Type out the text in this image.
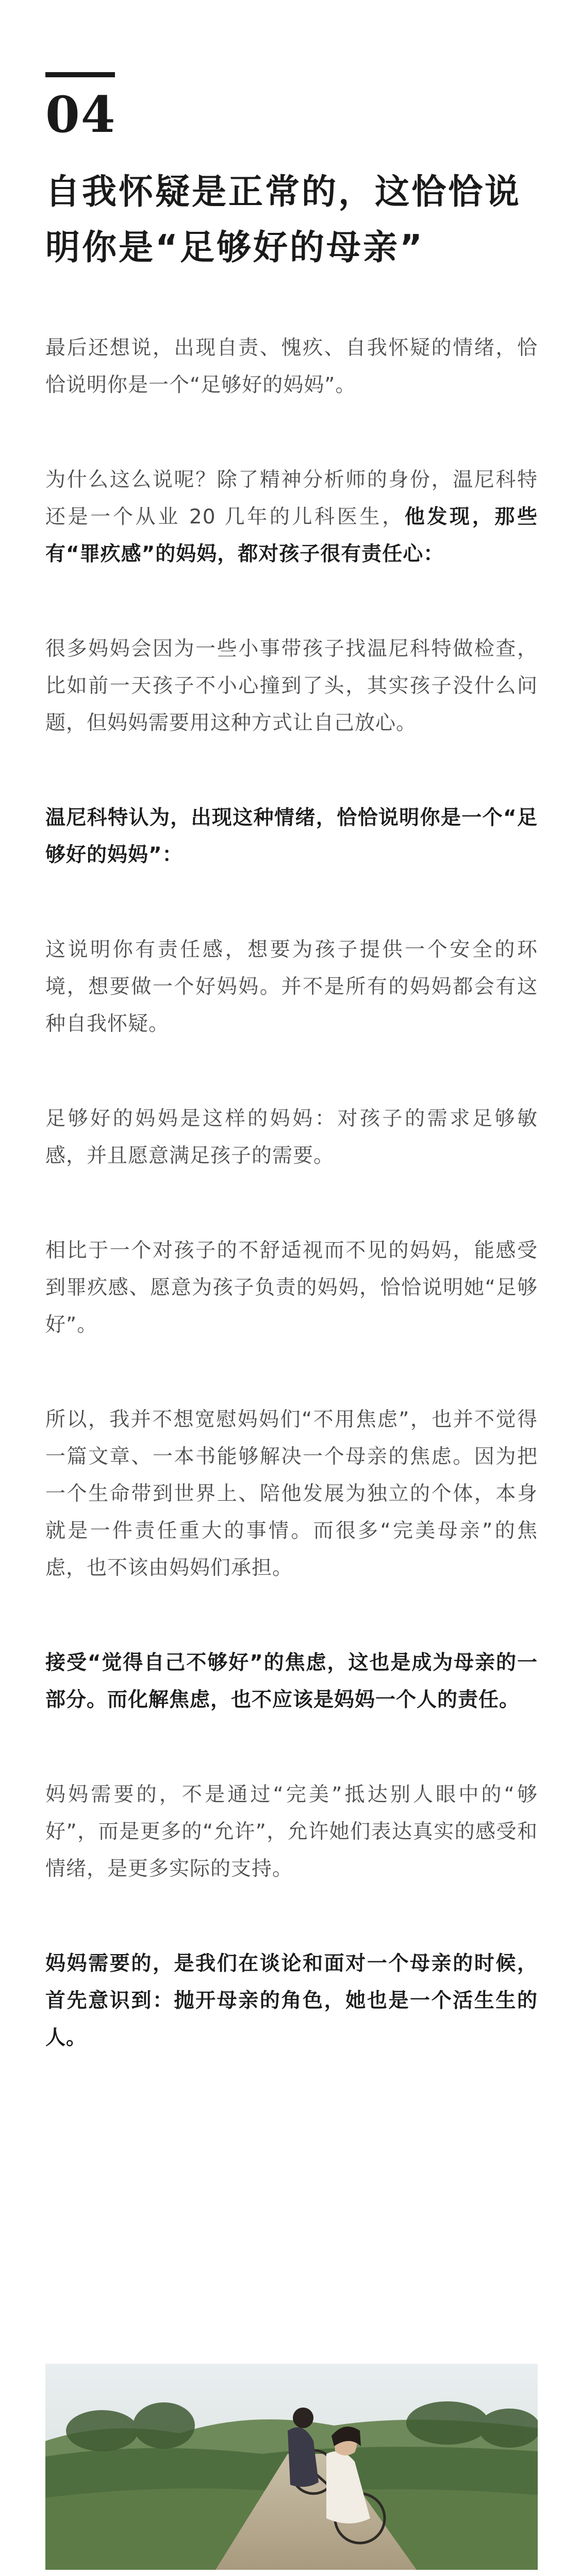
04
自我怀疑是正常的，这恰恰说明你是“足够好的母亲”

最后还想说，出现自责、愧疚、自我怀疑的情绪，恰恰说明你是一个“足够好的妈妈”。

为什么这么说呢？除了精神分析师的身份，温尼科特还是一个从业 20 几年的儿科医生，他发现，那些有“罪疚感”的妈妈，都对孩子很有责任心：

很多妈妈会因为一些小事带孩子找温尼科特做检查，比如前一天孩子不小心撞到了头，其实孩子没什么问题，但妈妈需要用这种方式让自己放心。

温尼科特认为，出现这种情绪，恰恰说明你是一个“足够好的妈妈”：

这说明你有责任感，想要为孩子提供一个安全的环境，想要做一个好妈妈。并不是所有的妈妈都会有这种自我怀疑。

足够好的妈妈是这样的妈妈：对孩子的需求足够敏感，并且愿意满足孩子的需要。

相比于一个对孩子的不舒适视而不见的妈妈，能感受到罪疚感、愿意为孩子负责的妈妈，恰恰说明她“足够好”。

所以，我并不想宽慰妈妈们“不用焦虑”，也并不觉得一篇文章、一本书能够解决一个母亲的焦虑。因为把一个生命带到世界上、陪他发展为独立的个体，本身就是一件责任重大的事情。而很多“完美母亲”的焦虑，也不该由妈妈们承担。

接受“觉得自己不够好”的焦虑，这也是成为母亲的一部分。而化解焦虑，也不应该是妈妈一个人的责任。

妈妈需要的，不是通过“完美”抵达别人眼中的“够好”，而是更多的“允许”，允许她们表达真实的感受和情绪，是更多实际的支持。

妈妈需要的，是我们在谈论和面对一个母亲的时候，首先意识到：抛开母亲的角色，她也是一个活生生的人。
